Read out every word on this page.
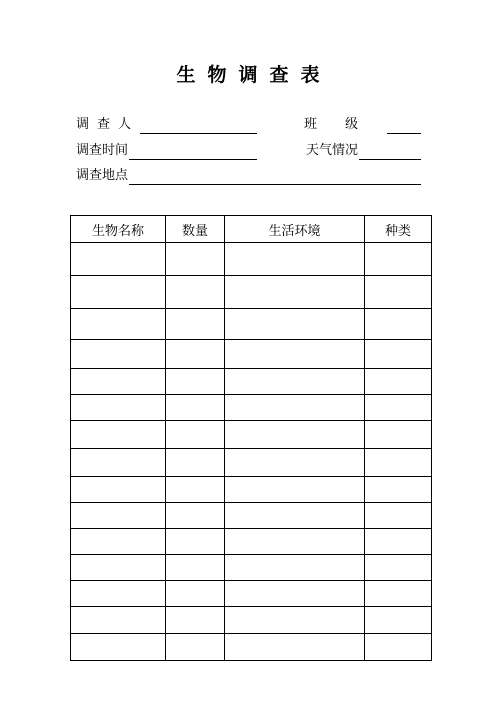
生物调查表
调查人	班级
调查时间	天气情况
调查地点
生物名称	数量	生活环境	种类
